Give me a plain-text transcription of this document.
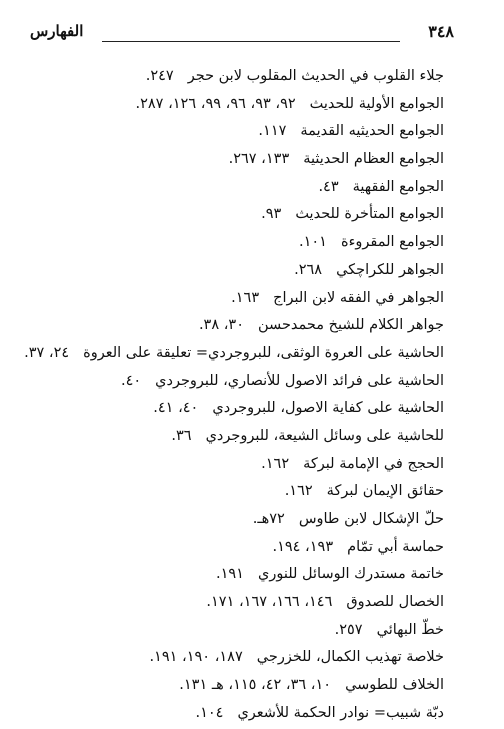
٣٤٨
الفهارس
جلاء القلوب في الحديث المقلوب لابن حجر٢٤٧.
الجوامع الأولية للحديث٩٢، ٩٣، ٩٦، ٩٩، ١٢٦، ٢٨٧.
الجوامع الحديثيه القديمة١١٧.
الجوامع العظام الحديثية١٣٣، ٢٦٧.
الجوامع الفقهية٤٣.
الجوامع المتأخرة للحديث٩٣.
الجوامع المقروءة١٠١.
الجواهر للكراچكي٢٦٨.
الجواهر في الفقه لابن البراج١٦٣.
جواهر الكلام للشيخ محمدحسن٣٠، ٣٨.
الحاشية على العروة الوثقى، للبروجردي= تعليقة على العروة٢٤، ٣٧.
الحاشية على فرائد الاصول للأنصاري، للبروجردي٤٠.
الحاشية على كفاية الاصول، للبروجردي٤٠، ٤١.
للحاشية على وسائل الشيعة، للبروجردي٣٦.
الحجج في الإمامة لبركة١٦٢.
حقائق الإيمان لبركة١٦٢.
حلّ الإشكال لابن طاوس٧٢هـ.
حماسة أبي تمّام١٩٣، ١٩٤.
خاتمة مستدرك الوسائل للنوري١٩١.
الخصال للصدوق١٤٦، ١٦٦، ١٦٧، ١٧١.
خطّ البهائي٢٥٧.
خلاصة تهذيب الكمال، للخزرجي١٨٧، ١٩٠، ١٩١.
الخلاف للطوسي١٠، ٣٦، ٤٢، ١١٥، هـ ١٣١.
دبّة شبيب= نوادر الحكمة للأشعري١٠٤.
